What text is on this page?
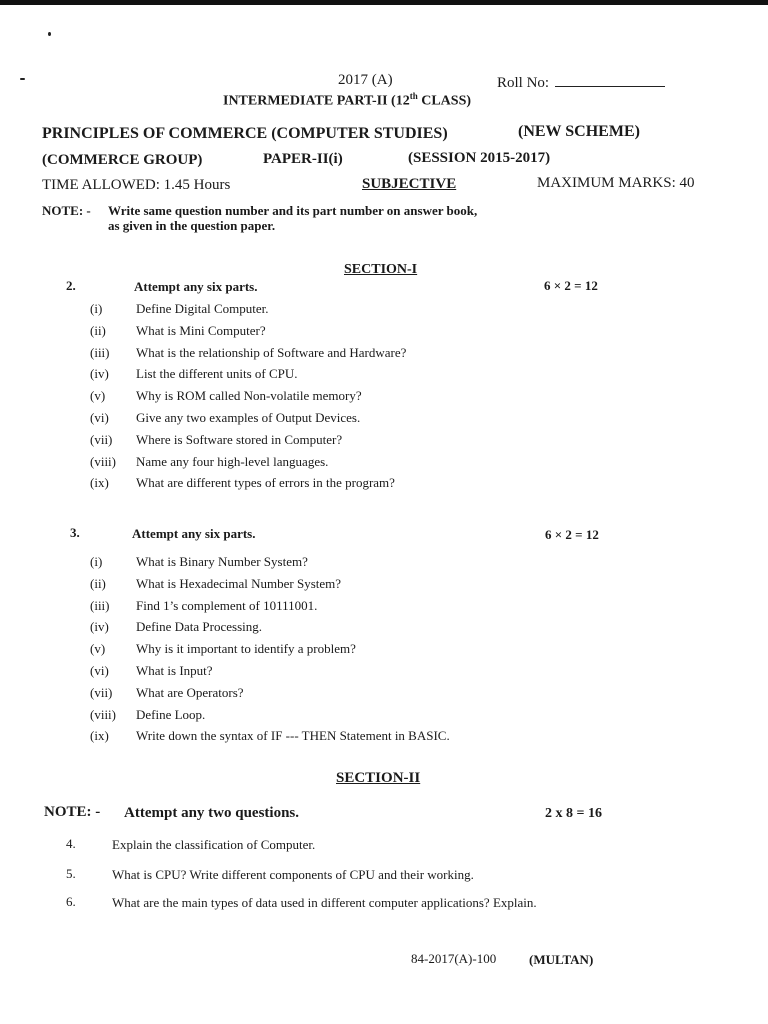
2017 (A)	Roll No:
INTERMEDIATE PART-II (12th CLASS)
PRINCIPLES OF COMMERCE (COMPUTER STUDIES)	(NEW SCHEME)
(COMMERCE GROUP)	PAPER-II(i)	(SESSION 2015-2017)
TIME ALLOWED: 1.45 Hours	SUBJECTIVE	MAXIMUM MARKS: 40
NOTE: - Write same question number and its part number on answer book,
as given in the question paper.
SECTION-I
2.	Attempt any six parts.	6 × 2 = 12
(i)	Define Digital Computer.
(ii) What is Mini Computer?
(iii) What is the relationship of Software and Hardware?
(iv) List the different units of CPU.
(v) Why is ROM called Non-volatile memory?
(vi) Give any two examples of Output Devices.
(vii) Where is Software stored in Computer?
(viii) Name any four high-level languages.
(ix) What are different types of errors in the program?
3.	Attempt any six parts.	6 × 2 = 12
(i)	What is Binary Number System?
(ii) What is Hexadecimal Number System?
(iii) Find 1’s complement of 10111001.
(iv) Define Data Processing.
(v) Why is it important to identify a problem?
(vi) What is Input?
(vii) What are Operators?
(viii) Define Loop.
(ix) Write down the syntax of IF --- THEN Statement in BASIC.
SECTION-II
NOTE: - Attempt any two questions.	2 x 8 = 16
4.	Explain the classification of Computer.
5.	What is CPU? Write different components of CPU and their working.
6.	What are the main types of data used in different computer applications? Explain.
84-2017(A)-100	(MULTAN)
